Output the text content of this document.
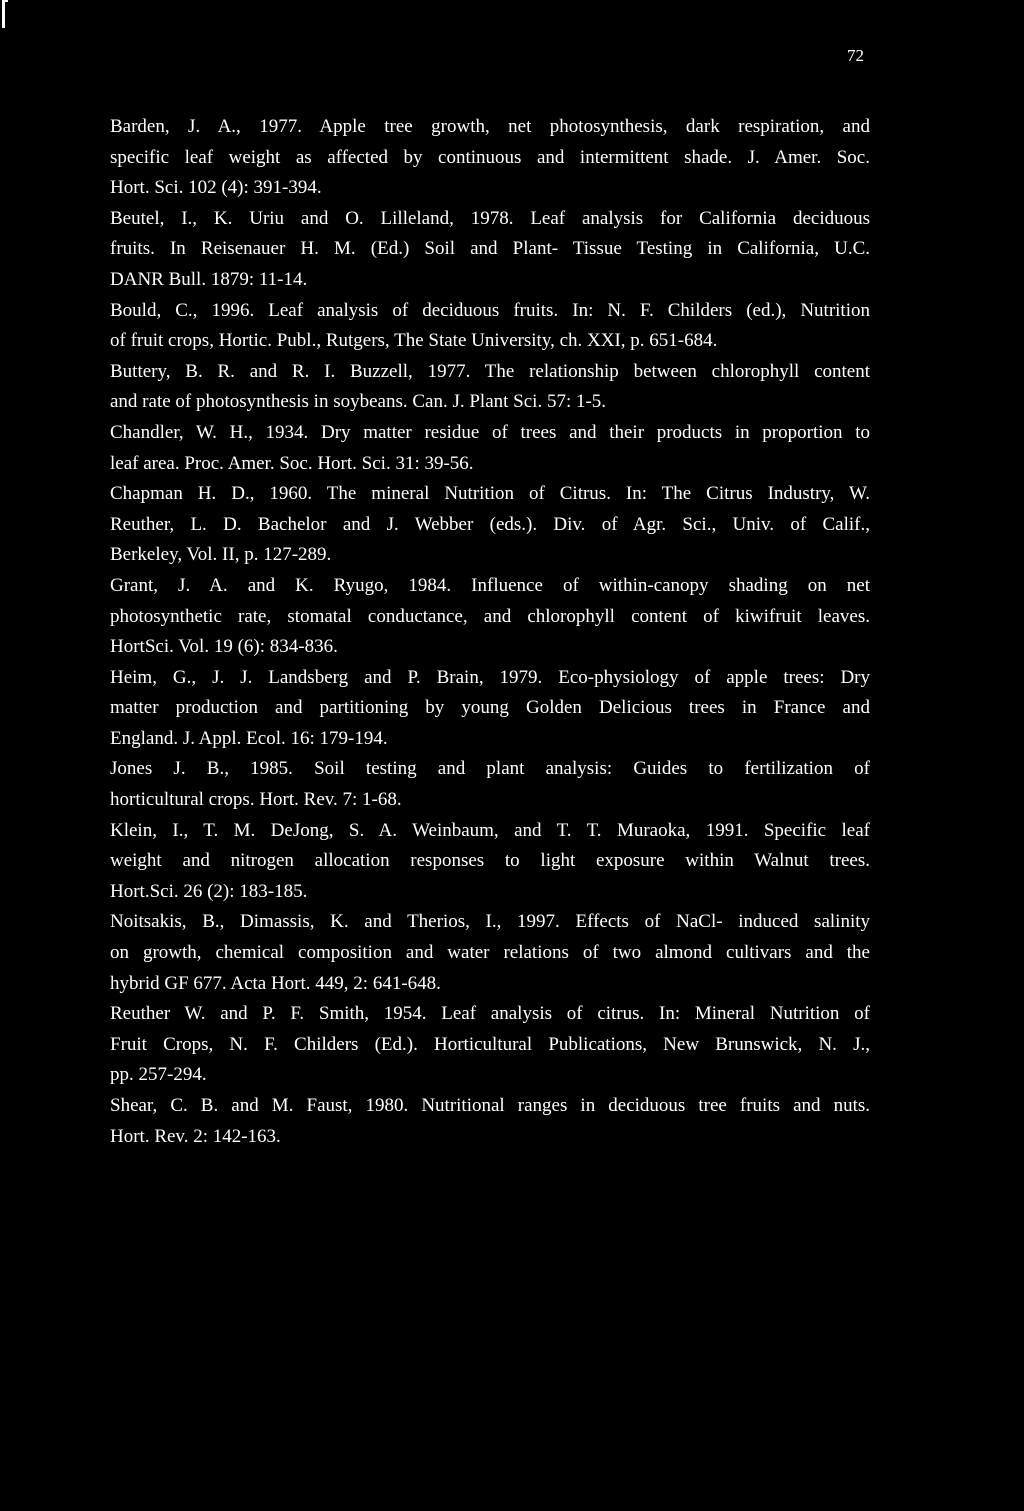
72
Barden, J. A., 1977. Apple tree growth, net photosynthesis, dark respiration, and
specific leaf weight as affected by continuous and intermittent shade. J. Amer. Soc.
Hort. Sci. 102 (4): 391-394.
Beutel, I., K. Uriu and O. Lilleland, 1978. Leaf analysis for California deciduous
fruits. In Reisenauer H. M. (Ed.) Soil and Plant- Tissue Testing in California, U.C.
DANR Bull. 1879: 11-14.
Bould, C., 1996. Leaf analysis of deciduous fruits. In: N. F. Childers (ed.), Nutrition
of fruit crops, Hortic. Publ., Rutgers, The State University, ch. XXI, p. 651-684.
Buttery, B. R. and R. I. Buzzell, 1977. The relationship between chlorophyll content
and rate of photosynthesis in soybeans. Can. J. Plant Sci. 57: 1-5.
Chandler, W. H., 1934. Dry matter residue of trees and their products in proportion to
leaf area. Proc. Amer. Soc. Hort. Sci. 31: 39-56.
Chapman H. D., 1960. The mineral Nutrition of Citrus. In: The Citrus Industry, W.
Reuther, L. D. Bachelor and J. Webber (eds.). Div. of Agr. Sci., Univ. of Calif.,
Berkeley, Vol. II, p. 127-289.
Grant, J. A. and K. Ryugo, 1984. Influence of within-canopy shading on net
photosynthetic rate, stomatal conductance, and chlorophyll content of kiwifruit leaves.
HortSci. Vol. 19 (6): 834-836.
Heim, G., J. J. Landsberg and P. Brain, 1979. Eco-physiology of apple trees: Dry
matter production and partitioning by young Golden Delicious trees in France and
England. J. Appl. Ecol. 16: 179-194.
Jones J. B., 1985. Soil testing and plant analysis: Guides to fertilization of
horticultural crops. Hort. Rev. 7: 1-68.
Klein, I., T. M. DeJong, S. A. Weinbaum, and T. T. Muraoka, 1991. Specific leaf
weight and nitrogen allocation responses to light exposure within Walnut trees.
Hort.Sci. 26 (2): 183-185.
Noitsakis, B., Dimassis, K. and Therios, I., 1997. Effects of NaCl- induced salinity
on growth, chemical composition and water relations of two almond cultivars and the
hybrid GF 677. Acta Hort. 449, 2: 641-648.
Reuther W. and P. F. Smith, 1954. Leaf analysis of citrus. In: Mineral Nutrition of
Fruit Crops, N. F. Childers (Ed.). Horticultural Publications, New Brunswick, N. J.,
pp. 257-294.
Shear, C. B. and M. Faust, 1980. Nutritional ranges in deciduous tree fruits and nuts.
Hort. Rev. 2: 142-163.
